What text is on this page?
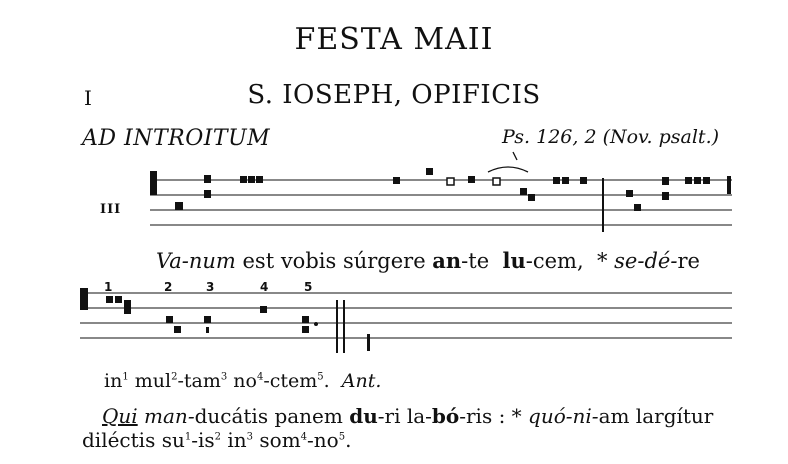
FESTA MAII
I	S. IOSEPH, OPIFICIS
AD INTROITUM	Ps. 126, 2 (Nov. psalt.)
III
1	2	3	4	5
Va-num est vobis súrgere an-te  lu-cem,  * se-dé-re
$in^1$ mul$^2$-tam$^3$ $no^4-ctem^5$.  Ant.
Qui man-ducátis panem du-ri la-bó-ris : * quó-ni-am largítur
diléctis $su^1-is^2$ $in^3$ $som^4-no^5$.
